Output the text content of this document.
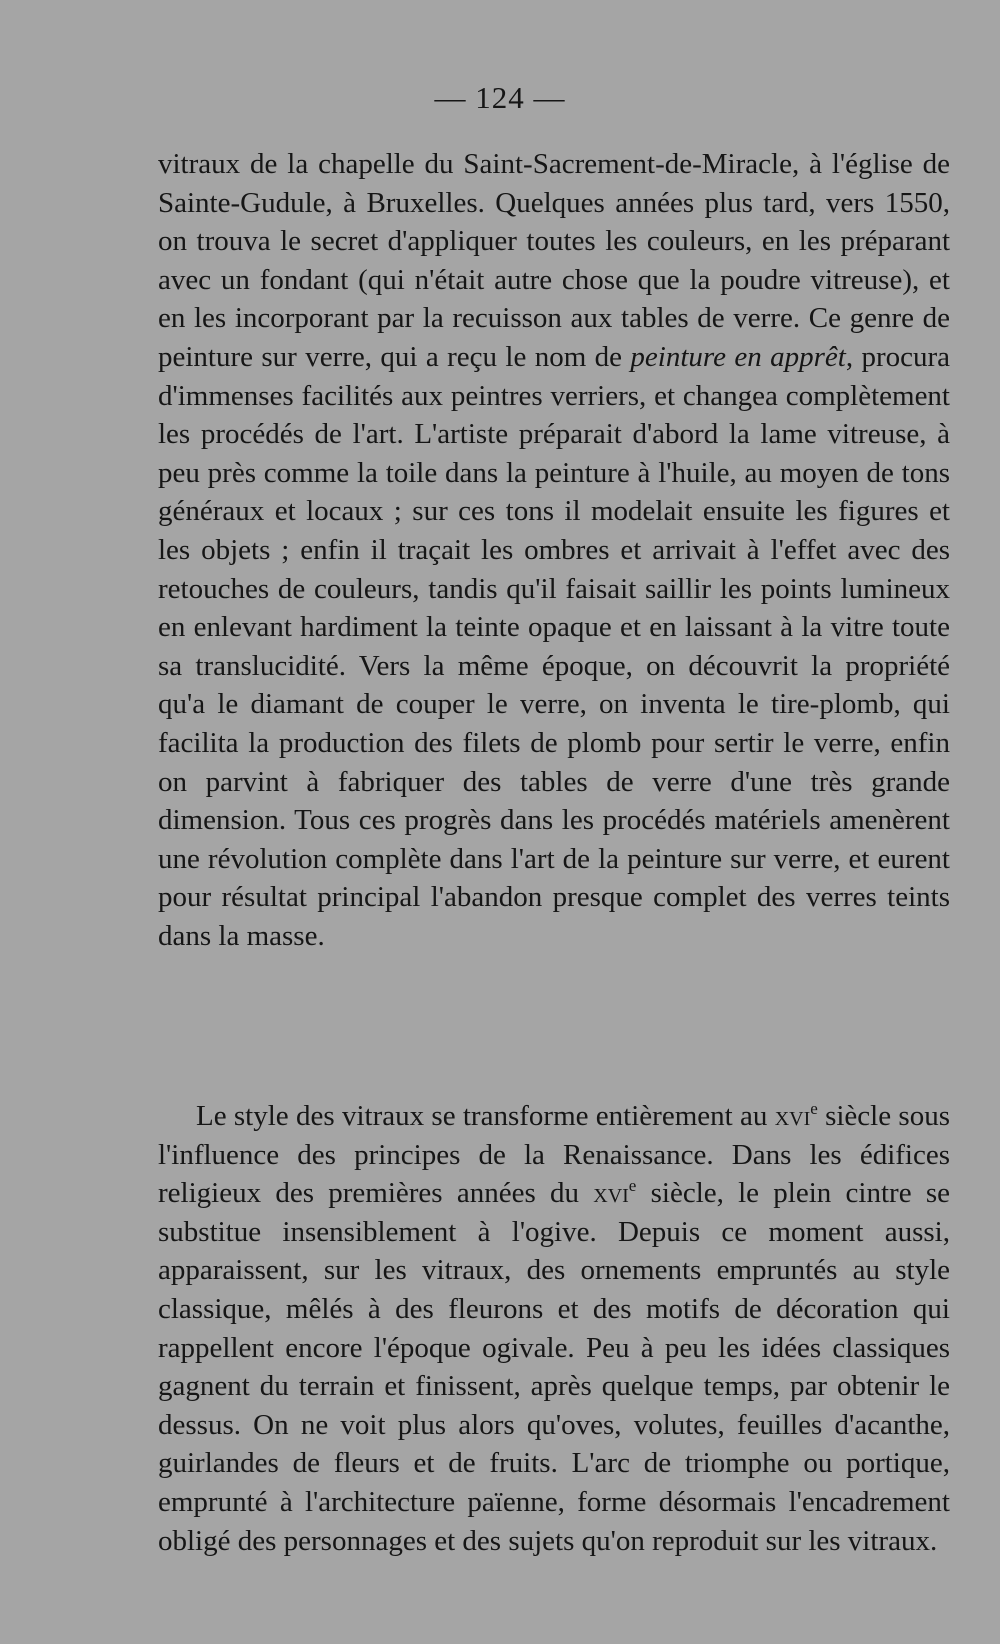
— 124 —

vitraux de la chapelle du Saint-Sacrement-de-Miracle, à l'église de Sainte-Gudule, à Bruxelles. Quelques années plus tard, vers 1550, on trouva le secret d'appliquer toutes les couleurs, en les préparant avec un fondant (qui n'était autre chose que la poudre vitreuse), et en les incorporant par la recuisson aux tables de verre. Ce genre de peinture sur verre, qui a reçu le nom de peinture en apprêt, procura d'immenses facilités aux peintres verriers, et changea complètement les procédés de l'art. L'artiste préparait d'abord la lame vitreuse, à peu près comme la toile dans la peinture à l'huile, au moyen de tons généraux et locaux ; sur ces tons il modelait ensuite les figures et les objets ; enfin il traçait les ombres et arrivait à l'effet avec des retouches de couleurs, tandis qu'il faisait saillir les points lumineux en enlevant hardiment la teinte opaque et en laissant à la vitre toute sa translucidité. Vers la même époque, on découvrit la propriété qu'a le diamant de couper le verre, on inventa le tire-plomb, qui facilita la production des filets de plomb pour sertir le verre, enfin on parvint à fabriquer des tables de verre d'une très grande dimension. Tous ces progrès dans les procédés matériels amenèrent une révolution complète dans l'art de la peinture sur verre, et eurent pour résultat principal l'abandon presque complet des verres teints dans la masse.

Le style des vitraux se transforme entièrement au xvi$^e$ siècle sous l'influence des principes de la Renaissance. Dans les édifices religieux des premières années du xvi$^e$ siècle, le plein cintre se substitue insensiblement à l'ogive. Depuis ce moment aussi, apparaissent, sur les vitraux, des ornements empruntés au style classique, mêlés à des fleurons et des motifs de décoration qui rappellent encore l'époque ogivale. Peu à peu les idées classiques gagnent du terrain et finissent, après quelque temps, par obtenir le dessus. On ne voit plus alors qu'oves, volutes, feuilles d'acanthe, guirlandes de fleurs et de fruits. L'arc de triomphe ou portique, emprunté à l'architecture païenne, forme désormais l'encadrement obligé des personnages et des sujets qu'on reproduit sur les vitraux.
